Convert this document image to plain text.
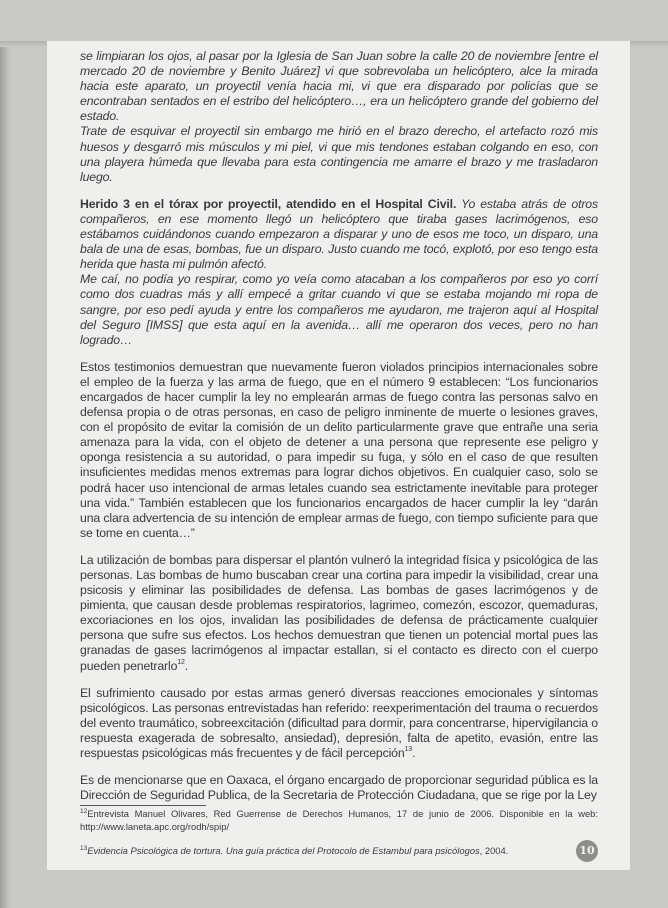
se limpiaran los ojos, al pasar por la Iglesia de San Juan sobre la calle 20 de noviembre [entre el mercado 20 de noviembre y Benito Juárez] vi que sobrevolaba un helicóptero, alce la mirada hacia este aparato, un proyectil venía hacia mi, vi que era disparado por policías que se encontraban sentados en el estribo del helicóptero…, era un helicóptero grande del gobierno del estado.

Trate de esquivar el proyectil sin embargo me hirió en el brazo derecho, el artefacto rozó mis huesos y desgarró mis músculos y mi piel, vi que mis tendones estaban colgando en eso, con una playera húmeda que llevaba para esta contingencia me amarre el brazo y me trasladaron luego.

Herido 3 en el tórax por proyectil, atendido en el Hospital Civil. Yo estaba atrás de otros compañeros, en ese momento llegó un helicóptero que tiraba gases lacrimógenos, eso estábamos cuidándonos cuando empezaron a disparar y uno de esos me toco, un disparo, una bala de una de esas, bombas, fue un disparo. Justo cuando me tocó, explotó, por eso tengo esta herida que hasta mi pulmón afectó.

Me caí, no podía yo respirar, como yo veía como atacaban a los compañeros por eso yo corrí como dos cuadras más y allí empecé a gritar cuando vi que se estaba mojando mi ropa de sangre, por eso pedí ayuda y entre los compañeros me ayudaron, me trajeron aquí al Hospital del Seguro [IMSS] que esta aquí en la avenida… allí me operaron dos veces, pero no han logrado…

Estos testimonios demuestran que nuevamente fueron violados principios internacionales sobre el empleo de la fuerza y las arma de fuego, que en el número 9 establecen: “Los funcionarios encargados de hacer cumplir la ley no emplearán armas de fuego contra las personas salvo en defensa propia o de otras personas, en caso de peligro inminente de muerte o lesiones graves, con el propósito de evitar la comisión de un delito particularmente grave que entrañe una seria amenaza para la vida, con el objeto de detener a una persona que represente ese peligro y oponga resistencia a su autoridad, o para impedir su fuga, y sólo en el caso de que resulten insuficientes medidas menos extremas para lograr dichos objetivos. En cualquier caso, solo se podrá hacer uso intencional de armas letales cuando sea estrictamente inevitable para proteger una vida.” También establecen que los funcionarios encargados de hacer cumplir la ley “darán una clara advertencia de su intención de emplear armas de fuego, con tiempo suficiente para que se tome en cuenta…”

La utilización de bombas para dispersar el plantón vulneró la integridad física y psicológica de las personas. Las bombas de humo buscaban crear una cortina para impedir la visibilidad, crear una psicosis y eliminar las posibilidades de defensa. Las bombas de gases lacrimógenos y de pimienta, que causan desde problemas respiratorios, lagrimeo, comezón, escozor, quemaduras, excoriaciones en los ojos, invalidan las posibilidades de defensa de prácticamente cualquier persona que sufre sus efectos. Los hechos demuestran que tienen un potencial mortal pues las granadas de gases lacrimógenos al impactar estallan, si el contacto es directo con el cuerpo pueden penetrarlo$^{12}$.

El sufrimiento causado por estas armas generó diversas reacciones emocionales y síntomas psicológicos. Las personas entrevistadas han referido: reexperimentación del trauma o recuerdos del evento traumático, sobreexcitación (dificultad para dormir, para concentrarse, hipervigilancia o respuesta exagerada de sobresalto, ansiedad), depresión, falta de apetito, evasión, entre las respuestas psicológicas más frecuentes y de fácil percepción$^{13}$.

Es de mencionarse que en Oaxaca, el órgano encargado de proporcionar seguridad pública es la Dirección de Seguridad Publica, de la Secretaria de Protección Ciudadana, que se rige por la Ley

$^{12}$Entrevista Manuel Olivares, Red Guerrense de Derechos Humanos, 17 de junio de 2006. Disponible en la web: http://www.laneta.apc.org/rodh/spip/
$^{13}$Evidencia Psicológica de tortura. Una guía práctica del Protocolo de Estambul para psicólogos, 2004.	10
